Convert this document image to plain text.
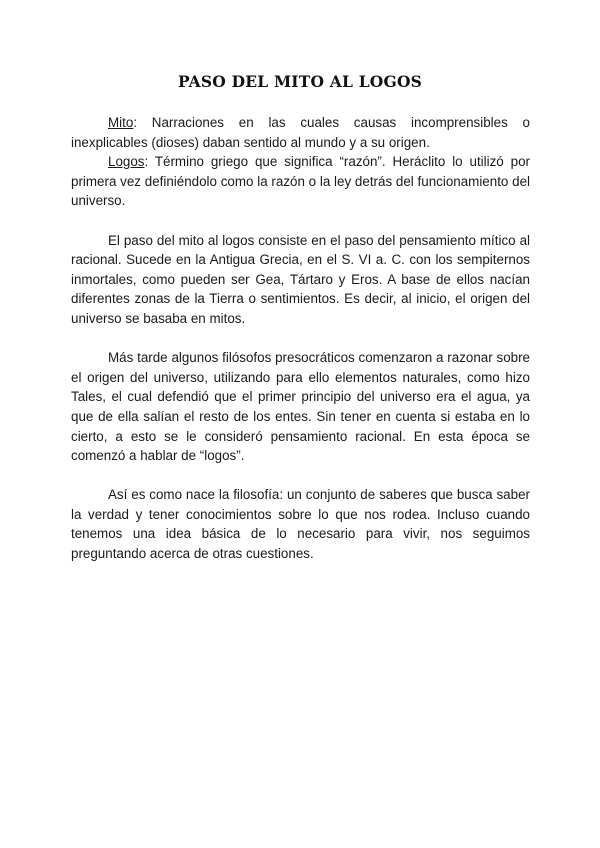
PASO DEL MITO AL LOGOS

Mito: Narraciones en las cuales causas incomprensibles o inexplicables (dioses) daban sentido al mundo y a su origen.

Logos: Término griego que significa “razón”. Heráclito lo utilizó por primera vez definiéndolo como la razón o la ley detrás del funcionamiento del universo.

El paso del mito al logos consiste en el paso del pensamiento mítico al racional. Sucede en la Antigua Grecia, en el S. VI a. C. con los sempiternos inmortales, como pueden ser Gea, Tártaro y Eros. A base de ellos nacían diferentes zonas de la Tierra o sentimientos. Es decir, al inicio, el origen del universo se basaba en mitos.

Más tarde algunos filósofos presocráticos comenzaron a razonar sobre el origen del universo, utilizando para ello elementos naturales, como hizo Tales, el cual defendió que el primer principio del universo era el agua, ya que de ella salían el resto de los entes. Sin tener en cuenta si estaba en lo cierto, a esto se le consideró pensamiento racional. En esta época se comenzó a hablar de “logos”.

Así es como nace la filosofía: un conjunto de saberes que busca saber la verdad y tener conocimientos sobre lo que nos rodea. Incluso cuando tenemos una idea básica de lo necesario para vivir, nos seguimos preguntando acerca de otras cuestiones.
